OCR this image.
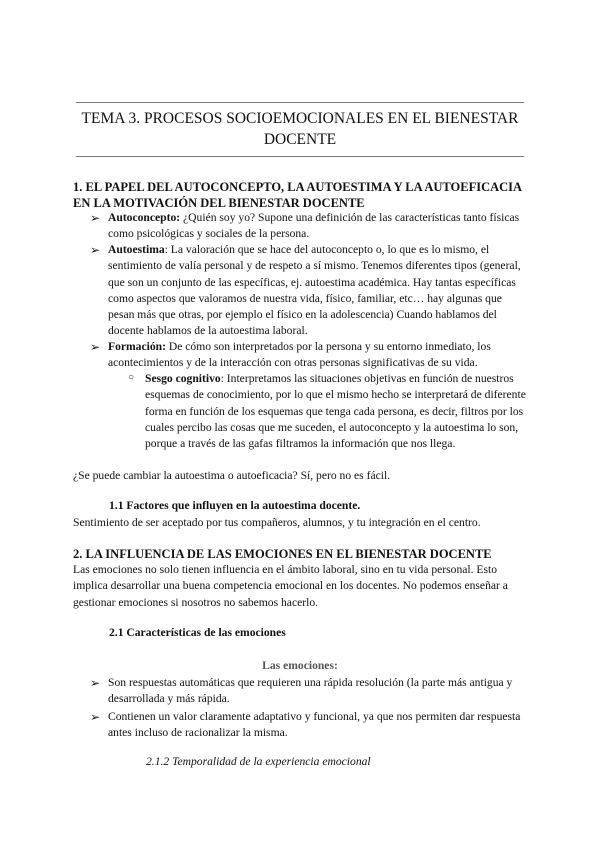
TEMA 3. PROCESOS SOCIOEMOCIONALES EN EL BIENESTAR DOCENTE
1. EL PAPEL DEL AUTOCONCEPTO, LA AUTOESTIMA Y LA AUTOEFICACIA EN LA MOTIVACIÓN DEL BIENESTAR DOCENTE
➢ Autoconcepto: ¿Quién soy yo? Supone una definición de las características tanto físicas como psicológicas y sociales de la persona.
➢ Autoestima: La valoración que se hace del autoconcepto o, lo que es lo mismo, el sentimiento de valía personal y de respeto a sí mismo. Tenemos diferentes tipos (general, que son un conjunto de las específicas, ej. autoestima académica. Hay tantas específicas como aspectos que valoramos de nuestra vida, físico, familiar, etc… hay algunas que pesan más que otras, por ejemplo el físico en la adolescencia) Cuando hablamos del docente hablamos de la autoestima laboral.
➢ Formación: De cómo son interpretados por la persona y su entorno inmediato, los acontecimientos y de la interacción con otras personas significativas de su vida.
○ Sesgo cognitivo: Interpretamos las situaciones objetivas en función de nuestros esquemas de conocimiento, por lo que el mismo hecho se interpretará de diferente forma en función de los esquemas que tenga cada persona, es decir, filtros por los cuales percibo las cosas que me suceden, el autoconcepto y la autoestima lo son, porque a través de las gafas filtramos la información que nos llega.
¿Se puede cambiar la autoestima o autoeficacia? Sí, pero no es fácil.
1.1 Factores que influyen en la autoestima docente.
Sentimiento de ser aceptado por tus compañeros, alumnos, y tu integración en el centro.
2. LA INFLUENCIA DE LAS EMOCIONES EN EL BIENESTAR DOCENTE
Las emociones no solo tienen influencia en el ámbito laboral, sino en tu vida personal. Esto implica desarrollar una buena competencia emocional en los docentes. No podemos enseñar a gestionar emociones si nosotros no sabemos hacerlo.
2.1 Características de las emociones
Las emociones:
➢ Son respuestas automáticas que requieren una rápida resolución (la parte más antigua y desarrollada y más rápida.
➢ Contienen un valor claramente adaptativo y funcional, ya que nos permiten dar respuesta antes incluso de racionalizar la misma.
2.1.2 Temporalidad de la experiencia emocional
